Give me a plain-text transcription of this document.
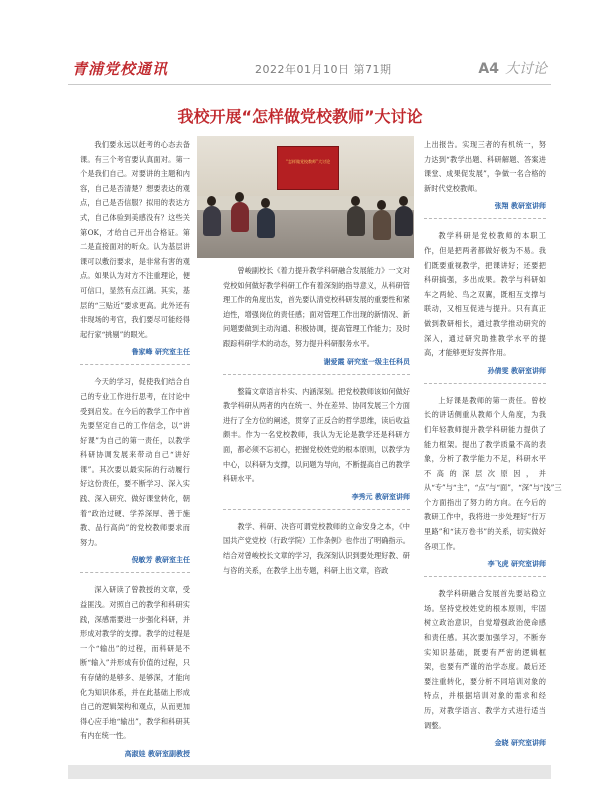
青浦党校通讯	2022年01月10日 第71期	A4 大讨论
我校开展“怎样做党校教师”大讨论
“怎样做党校教师”大讨论

我们要永远以赶考的心态去备课。有三个考官要认真面对。第一个是我们自己。对要讲的主题和内容，自己是否清楚？想要表达的观点，自己是否信服？拟用的表达方式，自己体验到美感没有？这些关第OK，才给自己开出合格证。第二是直接面对的听众。认为基层讲课可以敷衍要求，是非常有害的观点。如果认为对方不注重理论，便可信口，显然有点江湖。其实，基层的“三贴近”要求更高。此外还有非现场的考官，我们要尽可能经得起行家“挑剔”的眼光。

鲁家峰 研究室主任

今天的学习，促使我们结合自己的专业工作进行思考，在讨论中受到启发。在今后的教学工作中首先要坚定自己的工作信念，以“讲好课”为自己的第一责任，以教学科研协调发展来带动自己“讲好课”。其次要以最实际的行动履行好这份责任，要不断学习、深入实践、深入研究、做好课堂转化，朝着“政治过硬、学养深厚、善于施教、品行高尚”的党校教师要求而努力。

倪敏芳 教研室主任

深入研读了曾教授的文章，受益匪浅。对照自己的教学和科研实践，深感需要进一步强化科研，并形成对教学的支撑。教学的过程是一个“输出”的过程，而科研是不断“输入”并形成有价值的过程，只有存储的是够多、是够深，才能向化为知识体系，并在此基础上形成自己的逻辑架构和观点，从而更加得心应手地“输出”，教学和科研其有内在统一性。

高淑娃 教研室副教授

曾峻副校长《着力提升教学科研融合发展能力》一文对党校如何做好教学科研工作有着深刻的指导意义，从科研管理工作的角度出发，首先要认清党校科研发展的重要性和紧迫性，增强岗位的责任感；面对管理工作出现的新情况、新问题要做到主动沟通、积极协调，提高管理工作能力；及时跟踪科研学术的动态，努力提升科研服务水平。

谢爱霞 研究室一级主任科员

整篇文章语言朴实、内涵深刻。把党校教师该如何做好教学科研从两者的内在统一、外在差异、协同发展三个方面进行了全方位的阐述，贯穿了正反合的哲学思维，读后收益颇丰。作为一名党校教师，我认为无论是教学还是科研方面，都必须不忘初心，把握党校姓党的根本原则，以教学为中心，以科研为支撑，以问题为导向，不断提高自己的教学科研水平。

李秀元 教研室讲师

教学、科研、决咨可谓党校教师的立命安身之本，《中国共产党党校（行政学院）工作条例》也作出了明确指示。结合对曾峻校长文章的学习，我深刻认识到要处理好教、研与咨的关系，在教学上出专题，科研上出文章，咨政

上出报告。实现三者的有机统一，努力达到“教学出题、科研解题、答案进课堂、成果促发展”，争做一名合格的新时代党校教师。

张翔 教研室讲师

教学科研是党校教师的本职工作，但是把两者都做好极为不易。我们既要重视教学，把课讲好；还要把科研搞强，多出成果。教学与科研如车之两轮、鸟之双翼，既相互支撑与联动，又相互促进与提升。只有真正做到教研相长，通过教学推动研究的深入，通过研究助推教学水平的提高，才能够更好发挥作用。

孙倩雯 教研室讲师

上好课是教师的第一责任。曾校长的讲话侧重从教师个人角度，为我们年轻教师提升教学科研能力提供了能力框架。提出了教学质量不高的表象，分析了教学能力不足，科研水平不高的深层次原因，并从“专”与“主”，“点”与“面”，“深”与“浅”三个方面指出了努力的方向。在今后的教研工作中，我将进一步处理好“行万里路”和“读万卷书”的关系，切实做好各项工作。

李飞虎 研究室讲师

教学科研融合发展首先要站稳立场。坚持党校姓党的根本原则，牢固树立政治意识，自觉增强政治使命感和责任感。其次要加强学习，不断夯实知识基础，既要有严密的逻辑框架，也要有严谨的治学态度。最后还要注重转化，要分析不同培训对象的特点，并根据培训对象的需求和经历，对教学语言、教学方式进行适当调整。

金晓 研究室讲师
